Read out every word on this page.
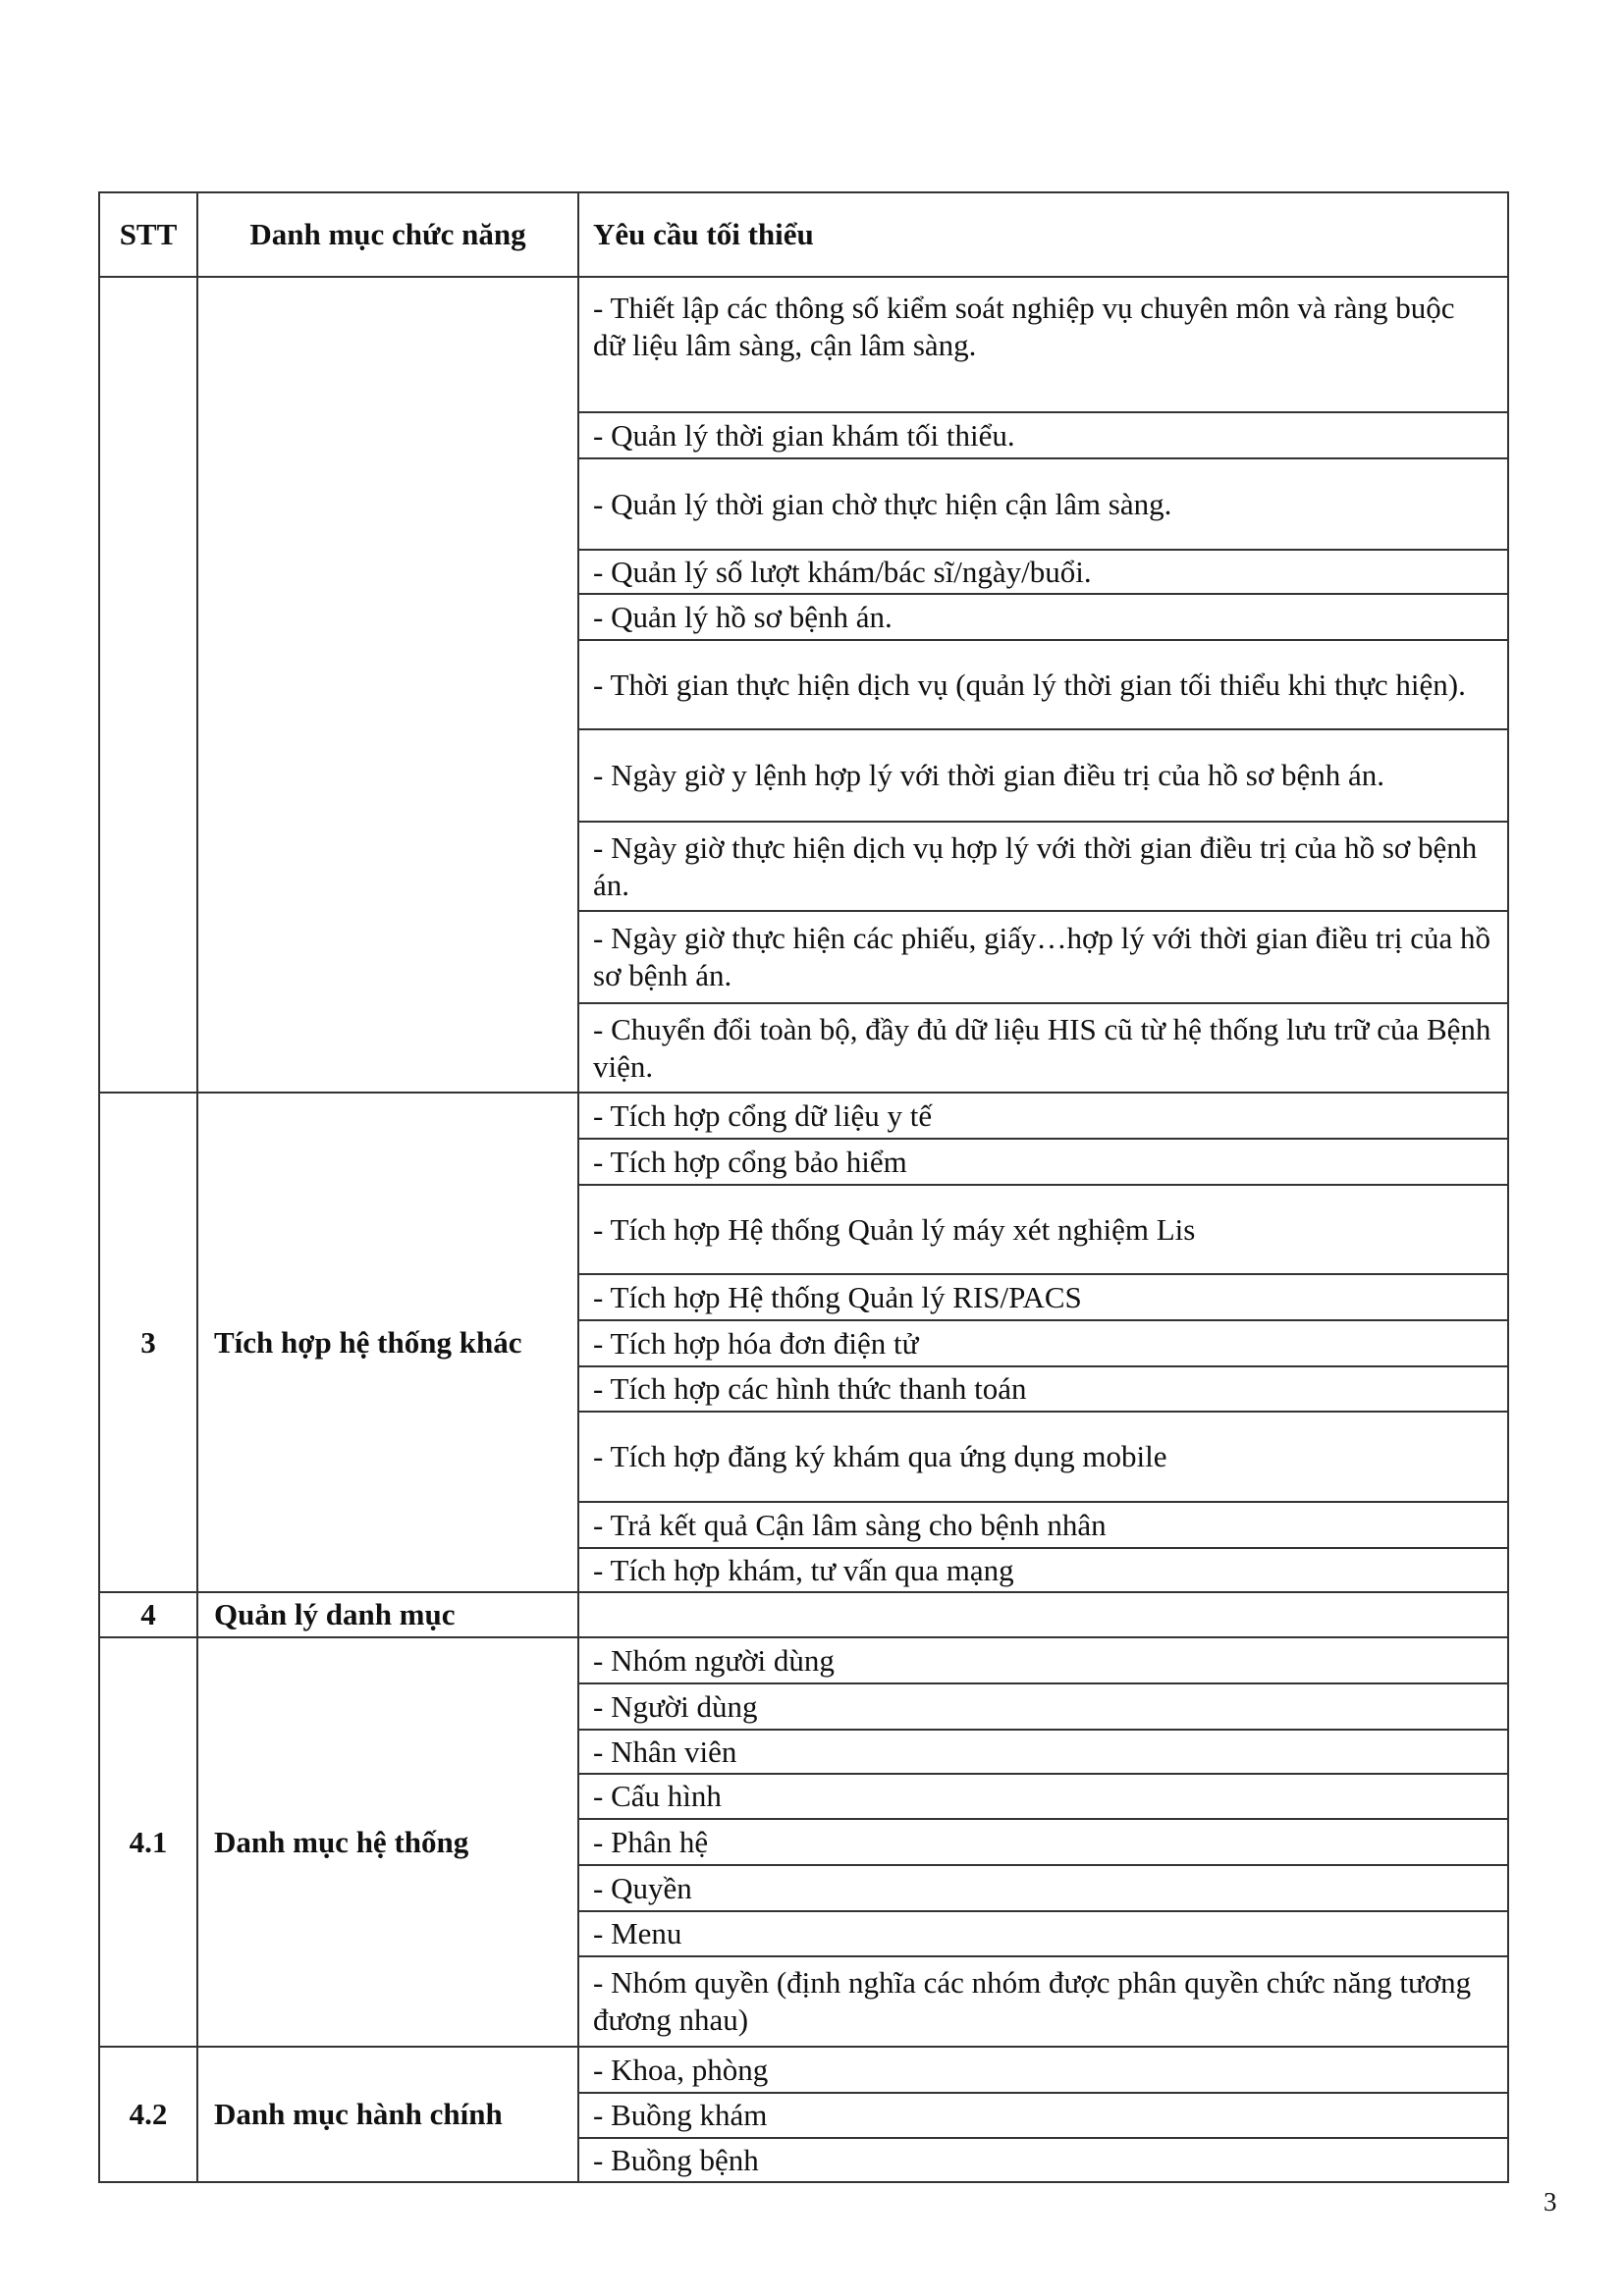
STT	Danh mục chức năng	Yêu cầu tối thiểu
		- Thiết lập các thông số kiểm soát nghiệp vụ chuyên môn và ràng buộc dữ liệu lâm sàng, cận lâm sàng.
		- Quản lý thời gian khám tối thiểu.
		- Quản lý thời gian chờ thực hiện cận lâm sàng.
		- Quản lý số lượt khám/bác sĩ/ngày/buổi.
		- Quản lý hồ sơ bệnh án.
		- Thời gian thực hiện dịch vụ (quản lý thời gian tối thiểu khi thực hiện).
		- Ngày giờ y lệnh hợp lý với thời gian điều trị của hồ sơ bệnh án.
		- Ngày giờ thực hiện dịch vụ hợp lý với thời gian điều trị của hồ sơ bệnh án.
		- Ngày giờ thực hiện các phiếu, giấy…hợp lý với thời gian điều trị của hồ sơ bệnh án.
		- Chuyển đổi toàn bộ, đầy đủ dữ liệu HIS cũ từ hệ thống lưu trữ của Bệnh viện.
3	Tích hợp hệ thống khác	- Tích hợp cổng dữ liệu y tế
		- Tích hợp cổng bảo hiểm
		- Tích hợp Hệ thống Quản lý máy xét nghiệm Lis
		- Tích hợp Hệ thống Quản lý RIS/PACS
		- Tích hợp hóa đơn điện tử
		- Tích hợp các hình thức thanh toán
		- Tích hợp đăng ký khám qua ứng dụng mobile
		- Trả kết quả Cận lâm sàng cho bệnh nhân
		- Tích hợp khám, tư vấn qua mạng
4	Quản lý danh mục	
4.1	Danh mục hệ thống	- Nhóm người dùng
		- Người dùng
		- Nhân viên
		- Cấu hình
		- Phân hệ
		- Quyền
		- Menu
		- Nhóm quyền (định nghĩa các nhóm được phân quyền chức năng tương đương nhau)
4.2	Danh mục hành chính	- Khoa, phòng
		- Buồng khám
		- Buồng bệnh
3
